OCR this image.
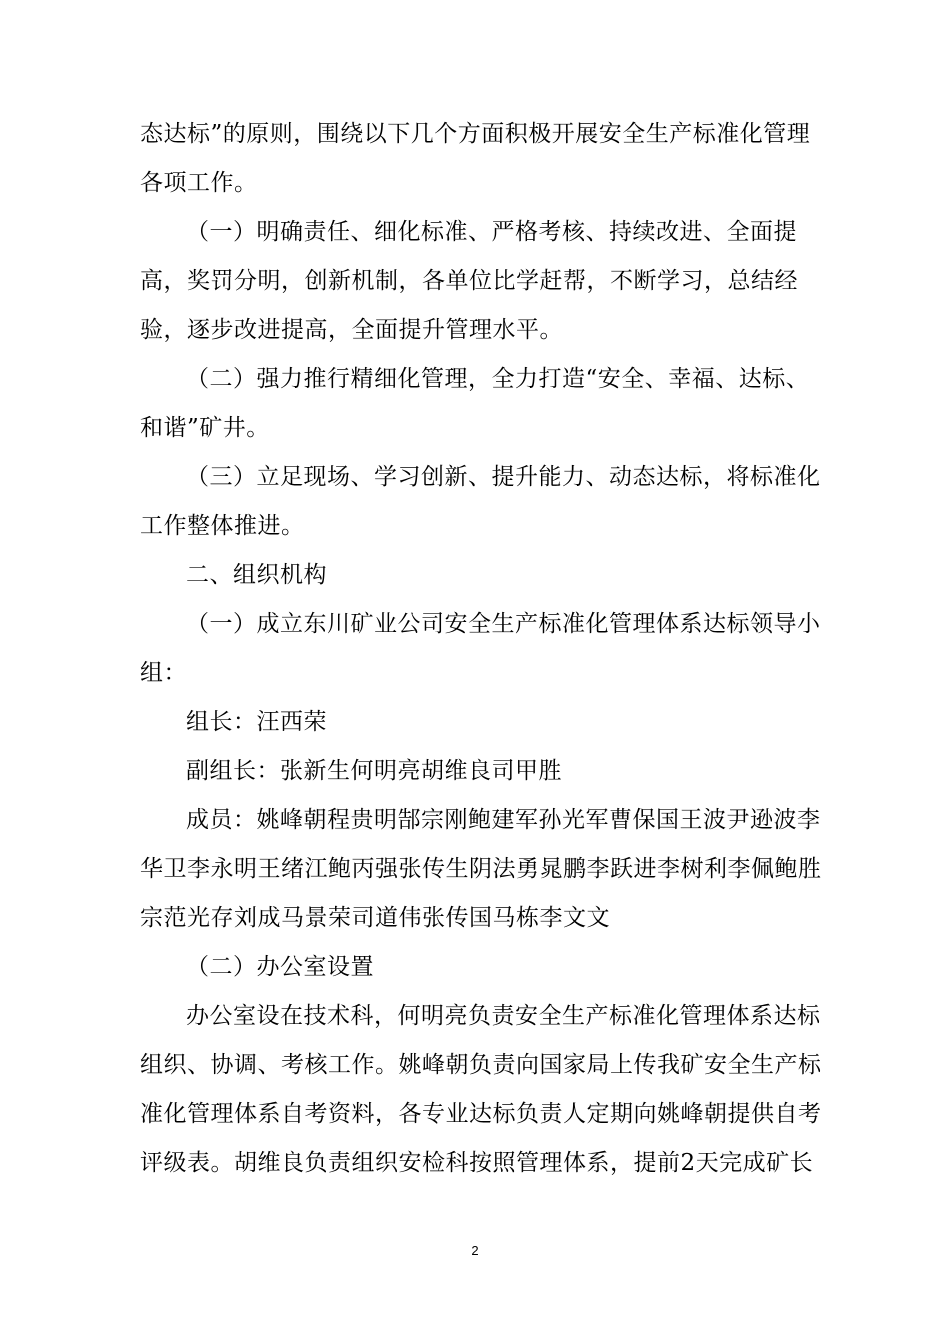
态达标”的原则，围绕以下几个方面积极开展安全生产标准化管理各项工作。

（一）明确责任、细化标准、严格考核、持续改进、全面提高，奖罚分明，创新机制，各单位比学赶帮，不断学习，总结经验，逐步改进提高，全面提升管理水平。

（二）强力推行精细化管理，全力打造“安全、幸福、达标、和谐”矿井。

（三）立足现场、学习创新、提升能力、动态达标，将标准化工作整体推进。

二、组织机构

（一）成立东川矿业公司安全生产标准化管理体系达标领导小组：

组长：汪西荣

副组长：张新生何明亮胡维良司甲胜

成员：姚峰朝程贵明郜宗刚鲍建军孙光军曹保国王波尹逊波李华卫李永明王绪江鲍丙强张传生阴法勇晁鹏李跃进李树利李佩鲍胜宗范光存刘成马景荣司道伟张传国马栋李文文

（二）办公室设置

办公室设在技术科，何明亮负责安全生产标准化管理体系达标组织、协调、考核工作。姚峰朝负责向国家局上传我矿安全生产标准化管理体系自考资料，各专业达标负责人定期向姚峰朝提供自考评级表。胡维良负责组织安检科按照管理体系，提前2天完成矿长

2
